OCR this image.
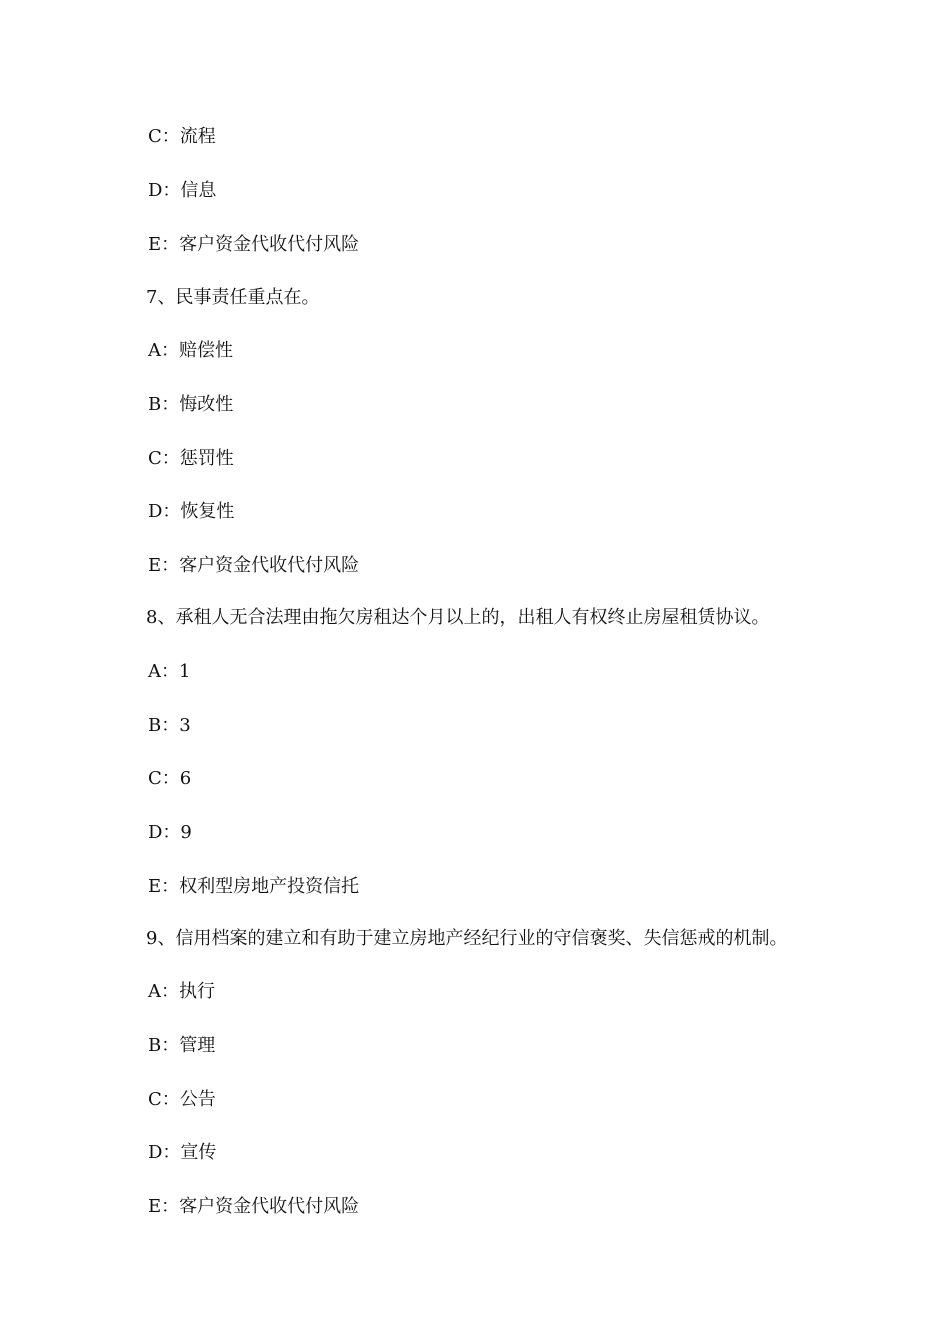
C：流程
D：信息
E：客户资金代收代付风险
7、民事责任重点在。
A：赔偿性
B：悔改性
C：惩罚性
D：恢复性
E：客户资金代收代付风险
8、承租人无合法理由拖欠房租达个月以上的，出租人有权终止房屋租赁协议。
A：1
B：3
C：6
D：9
E：权利型房地产投资信托
9、信用档案的建立和有助于建立房地产经纪行业的守信褒奖、失信惩戒的机制。
A：执行
B：管理
C：公告
D：宣传
E：客户资金代收代付风险
